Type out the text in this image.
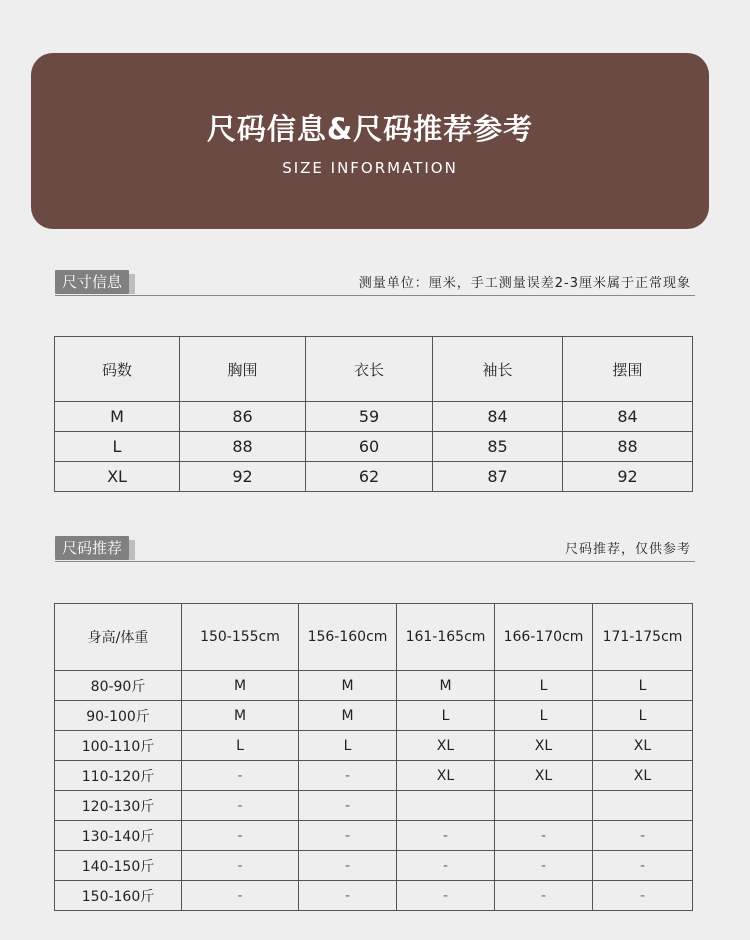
尺码信息&尺码推荐参考
SIZE INFORMATION
尺寸信息	测量单位：厘米，手工测量误差2-3厘米属于正常现象
码数	胸围	衣长	袖长	摆围
M	86	59	84	84
L	88	60	85	88
XL	92	62	87	92
尺码推荐	尺码推荐，仅供参考
身高/体重	150-155cm	156-160cm	161-165cm	166-170cm	171-175cm
80-90斤	M	M	M	L	L
90-100斤	M	M	L	L	L
100-110斤	L	L	XL	XL	XL
110-120斤	-	-	XL	XL	XL
120-130斤	-	-			
130-140斤	-	-	-	-	-
140-150斤	-	-	-	-	-
150-160斤	-	-	-	-	-
